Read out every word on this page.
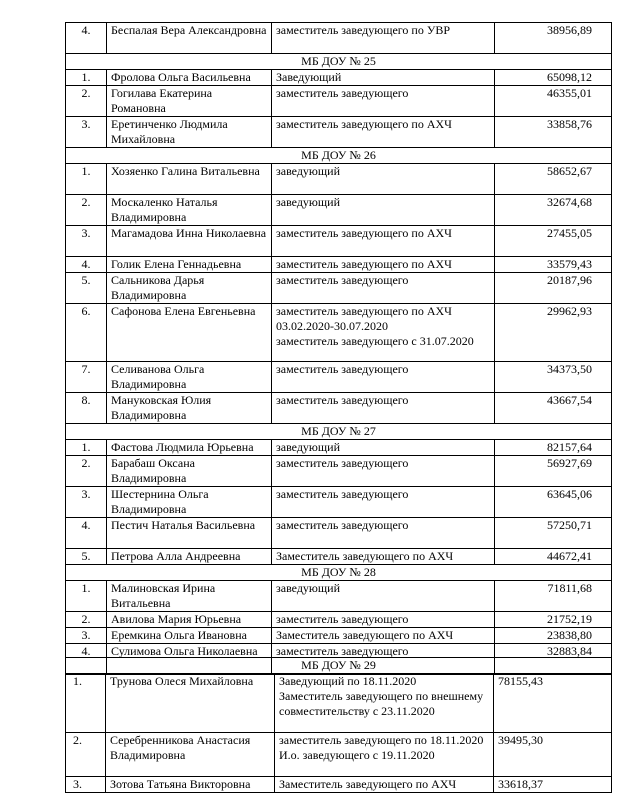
4.	Беспалая Вера Александровна	заместитель заведующего по УВР	38956,89
МБ ДОУ № 25			
1.	Фролова Ольга Васильевна	Заведующий	65098,12
2.	Гогилава Екатерина Романовна	заместитель заведующего	46355,01
3.	Еретинченко Людмила Михайловна	заместитель заведующего по АХЧ	33858,76
МБ ДОУ № 26			
1.	Хозяенко Галина Витальевна	заведующий	58652,67
2.	Москаленко Наталья Владимировна	заведующий	32674,68
3.	Магамадова Инна Николаевна	заместитель заведующего по АХЧ	27455,05
4.	Голик Елена Геннадьевна	заместитель заведующего по АХЧ	33579,43
5.	Сальникова Дарья Владимировна	заместитель заведующего	20187,96
6.	Сафонова Елена Евгеньевна	заместитель заведующего по АХЧ
03.02.2020-30.07.2020
заместитель заведующего с 31.07.2020	29962,93
7.	Селиванова Ольга Владимировна	заместитель заведующего	34373,50
8.	Мануковская Юлия Владимировна	заместитель заведующего	43667,54
МБ ДОУ № 27			
1.	Фастова Людмила Юрьевна	заведующий	82157,64
2.	Барабаш Оксана Владимировна	заместитель заведующего	56927,69
3.	Шестернина Ольга Владимировна	заместитель заведующего	63645,06
4.	Пестич Наталья Васильевна	заместитель заведующего	57250,71
5.	Петрова Алла Андреевна	Заместитель заведующего по АХЧ	44672,41
МБ ДОУ № 28			
1.	Малиновская Ирина Витальевна	заведующий	71811,68
2.	Авилова Мария Юрьевна	заместитель заведующего	21752,19
3.	Еремкина Ольга Ивановна	Заместитель заведующего по АХЧ	23838,80
4.	Сулимова Ольга Николаевна	заместитель заведующего	32883,84
МБ ДОУ № 29			
1.	Трунова Олеся Михайловна	Заведующий по 18.11.2020
Заместитель заведующего по внешнему совместительству с 23.11.2020	78155,43
2.	Серебренникова Анастасия Владимировна	заместитель заведующего по 18.11.2020
И.о. заведующего с 19.11.2020	39495,30
3.	Зотова Татьяна Викторовна	Заместитель заведующего по АХЧ	33618,37
